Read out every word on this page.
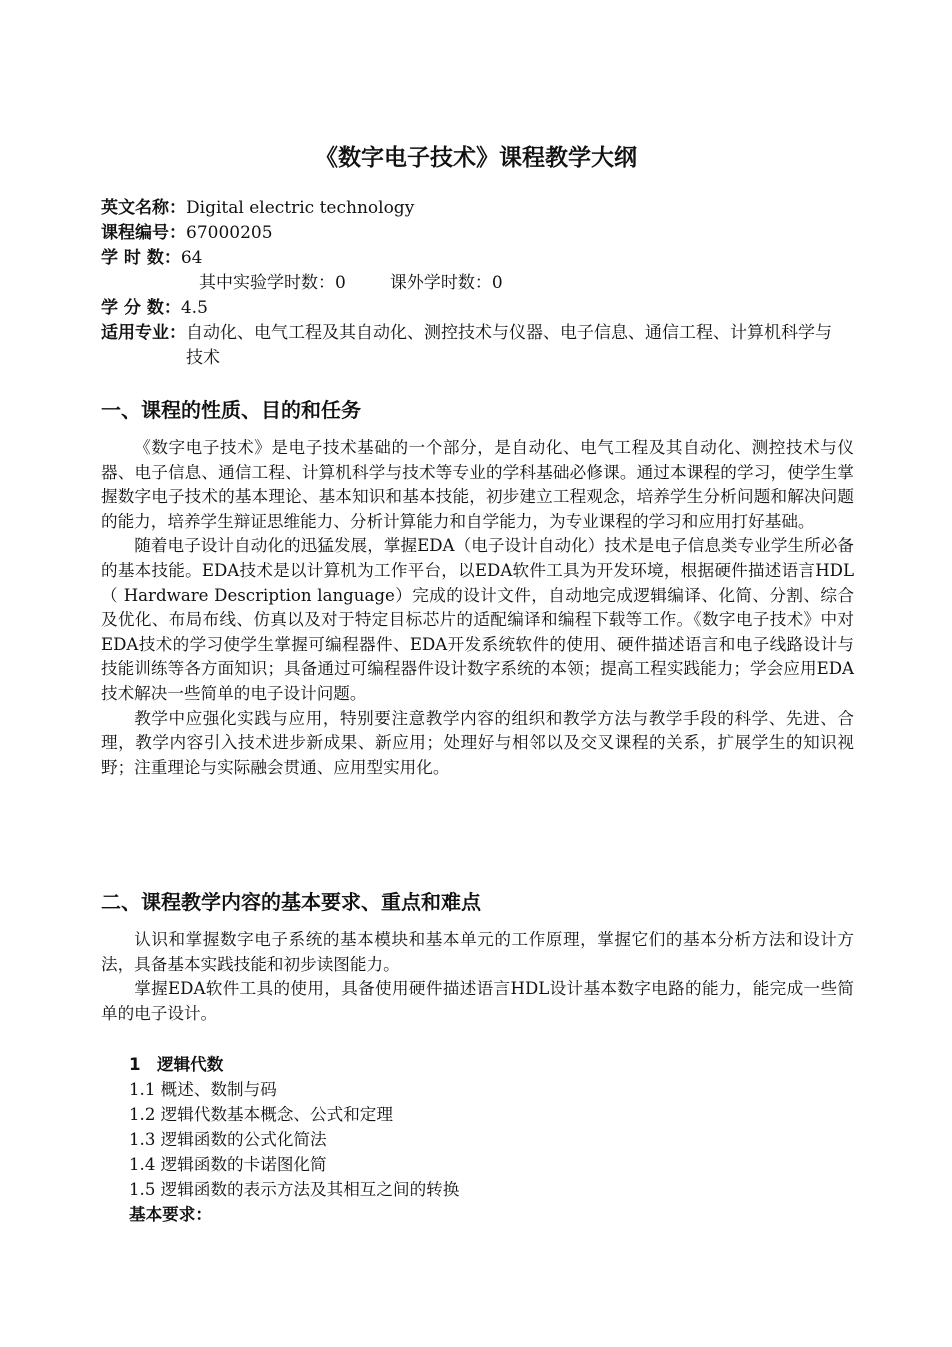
《数字电子技术》课程教学大纲
英文名称： Digital electric technology
课程编号： 67000205
学 时 数： 64
其中实验学时数：0	课外学时数：0
学 分 数： 4.5
适用专业： 自动化、电气工程及其自动化、测控技术与仪器、电子信息、通信工程、计算机科学与技术
一、课程的性质、目的和任务

《数字电子技术》是电子技术基础的一个部分，是自动化、电气工程及其自动化、测控技术与仪器、电子信息、通信工程、计算机科学与技术等专业的学科基础必修课。通过本课程的学习，使学生掌握数字电子技术的基本理论、基本知识和基本技能，初步建立工程观念，培养学生分析问题和解决问题的能力，培养学生辩证思维能力、分析计算能力和自学能力，为专业课程的学习和应用打好基础。

随着电子设计自动化的迅猛发展，掌握EDA（电子设计自动化）技术是电子信息类专业学生所必备的基本技能。EDA技术是以计算机为工作平台，以EDA软件工具为开发环境，根据硬件描述语言HDL（ Hardware Description language）完成的设计文件，自动地完成逻辑编译、化简、分割、综合及优化、布局布线、仿真以及对于特定目标芯片的适配编译和编程下载等工作。《数字电子技术》中对EDA技术的学习使学生掌握可编程器件、EDA开发系统软件的使用、硬件描述语言和电子线路设计与技能训练等各方面知识；具备通过可编程器件设计数字系统的本领；提高工程实践能力；学会应用EDA技术解决一些简单的电子设计问题。

教学中应强化实践与应用，特别要注意教学内容的组织和教学方法与教学手段的科学、先进、合理，教学内容引入技术进步新成果、新应用；处理好与相邻以及交叉课程的关系，扩展学生的知识视野；注重理论与实际融会贯通、应用型实用化。

二、课程教学内容的基本要求、重点和难点

认识和掌握数字电子系统的基本模块和基本单元的工作原理，掌握它们的基本分析方法和设计方法，具备基本实践技能和初步读图能力。

掌握EDA软件工具的使用，具备使用硬件描述语言HDL设计基本数字电路的能力，能完成一些简单的电子设计。

1 逻辑代数
1.1 概述、数制与码
1.2 逻辑代数基本概念、公式和定理
1.3 逻辑函数的公式化简法
1.4 逻辑函数的卡诺图化简
1.5 逻辑函数的表示方法及其相互之间的转换
基本要求：
